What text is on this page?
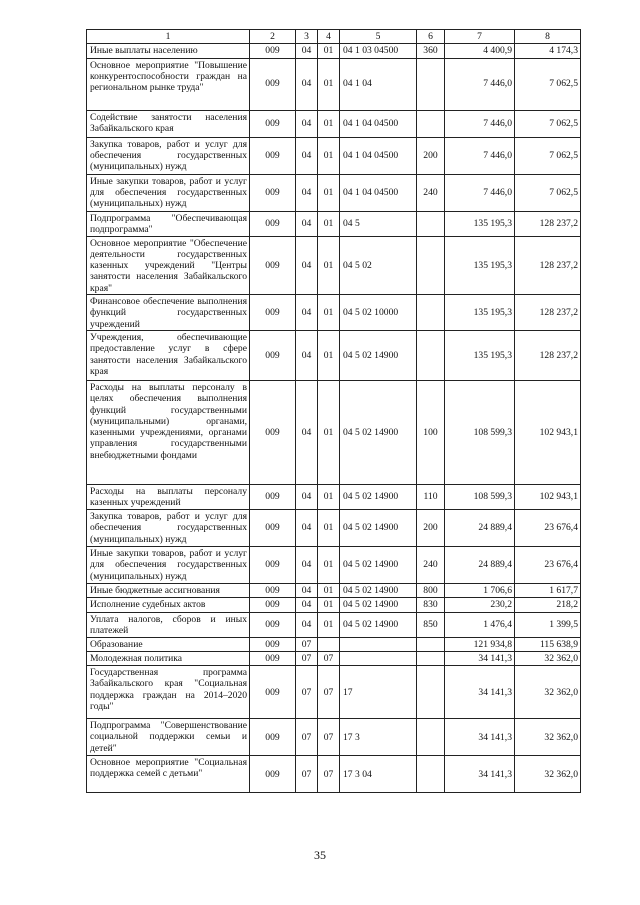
1	2	3	4	5	6	7	8
Иные выплаты населению	009	04	01	04 1 03 04500	360	4 400,9	4 174,3
Основное мероприятие "Повышение конкурентоспособности граждан на региональном рынке труда"	009	04	01	04 1 04		7 446,0	7 062,5
Содействие занятости населения Забайкальского края	009	04	01	04 1 04 04500		7 446,0	7 062,5
Закупка товаров, работ и услуг для обеспечения государственных (муниципальных) нужд	009	04	01	04 1 04 04500	200	7 446,0	7 062,5
Иные закупки товаров, работ и услуг для обеспечения государственных (муниципальных) нужд	009	04	01	04 1 04 04500	240	7 446,0	7 062,5
Подпрограмма "Обеспечивающая подпрограмма"	009	04	01	04 5		135 195,3	128 237,2
Основное мероприятие "Обеспечение деятельности государственных казенных учреждений "Центры занятости населения Забайкальского края"	009	04	01	04 5 02		135 195,3	128 237,2
Финансовое обеспечение выполнения функций государственных учреждений	009	04	01	04 5 02 10000		135 195,3	128 237,2
Учреждения, обеспечивающие предоставление услуг в сфере занятости населения Забайкальского края	009	04	01	04 5 02 14900		135 195,3	128 237,2
Расходы на выплаты персоналу в целях обеспечения выполнения функций государственными (муниципальными) органами, казенными учреждениями, органами управления государственными внебюджетными фондами	009	04	01	04 5 02 14900	100	108 599,3	102 943,1
Расходы на выплаты персоналу казенных учреждений	009	04	01	04 5 02 14900	110	108 599,3	102 943,1
Закупка товаров, работ и услуг для обеспечения государственных (муниципальных) нужд	009	04	01	04 5 02 14900	200	24 889,4	23 676,4
Иные закупки товаров, работ и услуг для обеспечения государственных (муниципальных) нужд	009	04	01	04 5 02 14900	240	24 889,4	23 676,4
Иные бюджетные ассигнования	009	04	01	04 5 02 14900	800	1 706,6	1 617,7
Исполнение судебных актов	009	04	01	04 5 02 14900	830	230,2	218,2
Уплата налогов, сборов и иных платежей	009	04	01	04 5 02 14900	850	1 476,4	1 399,5
Образование	009	07				121 934,8	115 638,9
Молодежная политика	009	07	07			34 141,3	32 362,0
Государственная программа Забайкальского края "Социальная поддержка граждан на 2014–2020 годы"	009	07	07	17		34 141,3	32 362,0
Подпрограмма "Совершенствование социальной поддержки семьи и детей"	009	07	07	17 3		34 141,3	32 362,0
Основное мероприятие "Социальная поддержка семей с детьми"	009	07	07	17 3 04		34 141,3	32 362,0
35
